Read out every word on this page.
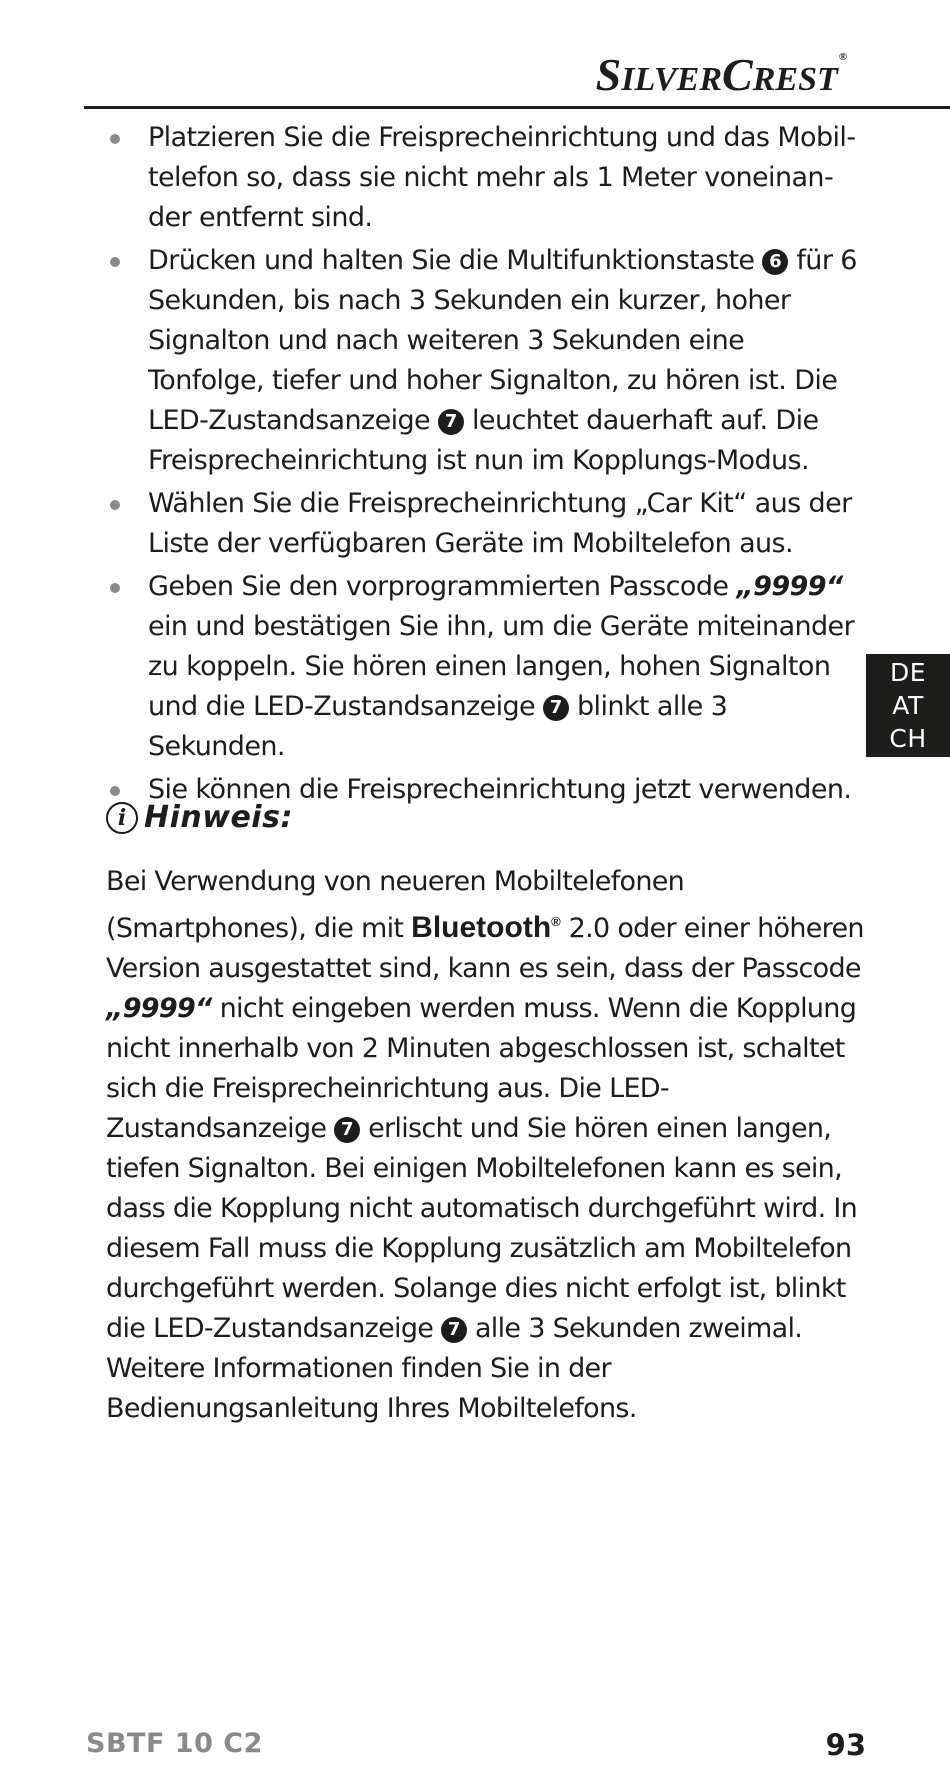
SILVERCREST®
Platzieren Sie die Freisprecheinrichtung und das Mobiltelefon so, dass sie nicht mehr als 1 Meter voneinander entfernt sind.
Drücken und halten Sie die Multifunktionstaste 6 für 6 Sekunden, bis nach 3 Sekunden ein kurzer, hoher Signalton und nach weiteren 3 Sekunden eine Tonfolge, tiefer und hoher Signalton, zu hören ist. Die LED-Zustandsanzeige 7 leuchtet dauerhaft auf. Die Freisprecheinrichtung ist nun im Kopplungs-Modus.
Wählen Sie die Freisprecheinrichtung „Car Kit“ aus der Liste der verfügbaren Geräte im Mobiltelefon aus.
Geben Sie den vorprogrammierten Passcode „9999“ ein und bestätigen Sie ihn, um die Geräte miteinander zu koppeln. Sie hören einen langen, hohen Signalton und die LED-Zustandsanzeige 7 blinkt alle 3 Sekunden.
Sie können die Freisprecheinrichtung jetzt verwenden.
i Hinweis:

Bei Verwendung von neueren Mobiltelefonen (Smartphones), die mit Bluetooth® 2.0 oder einer höheren Version ausgestattet sind, kann es sein, dass der Passcode „9999“ nicht eingeben werden muss. Wenn die Kopplung nicht innerhalb von 2 Minuten abgeschlossen ist, schaltet sich die Freisprecheinrichtung aus. Die LED-Zustandsanzeige 7 erlischt und Sie hören einen langen, tiefen Signalton. Bei einigen Mobiltelefonen kann es sein, dass die Kopplung nicht automatisch durchgeführt wird. In diesem Fall muss die Kopplung zusätzlich am Mobiltelefon durchgeführt werden. Solange dies nicht erfolgt ist, blinkt die LED-Zustandsanzeige 7 alle 3 Sekunden zweimal. Weitere Informationen finden Sie in der Bedienungsanleitung Ihres Mobiltelefons.

DE
AT
CH
SBTF 10 C2	93
